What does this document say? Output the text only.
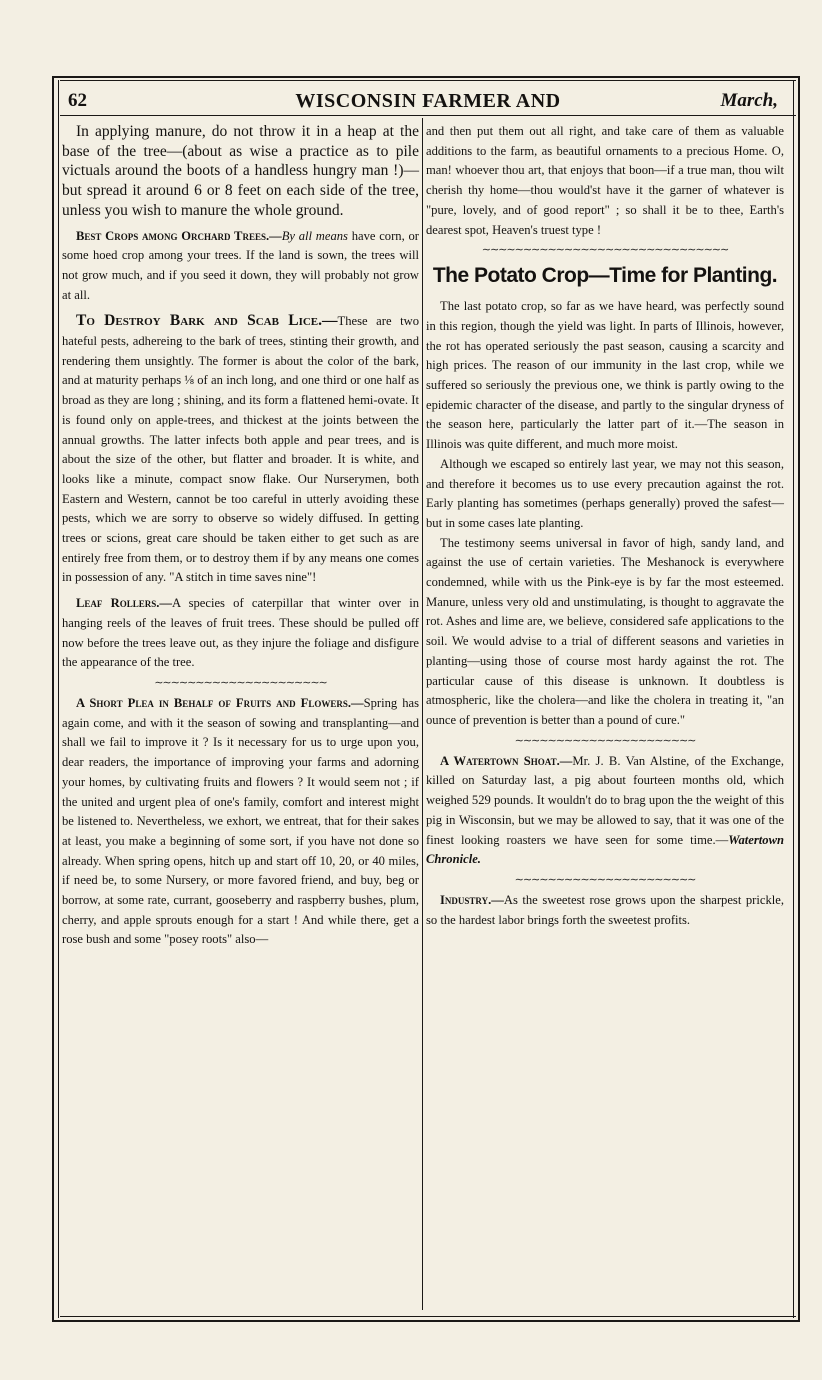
62	WISCONSIN FARMER AND	March,

In applying manure, do not throw it in a heap at the base of the tree—(about as wise a practice as to pile victuals around the boots of a handless hungry man !)—but spread it around 6 or 8 feet on each side of the tree, unless you wish to manure the whole ground.

Best Crops among Orchard Trees.—By all means have corn, or some hoed crop among your trees. If the land is sown, the trees will not grow much, and if you seed it down, they will probably not grow at all.

To Destroy Bark and Scab Lice.—These are two hateful pests, adhereing to the bark of trees, stinting their growth, and rendering them unsightly. The former is about the color of the bark, and at maturity perhaps ⅛ of an inch long, and one third or one half as broad as they are long ; shining, and its form a flattened hemi-ovate. It is found only on apple-trees, and thickest at the joints between the annual growths. The latter infects both apple and pear trees, and is about the size of the other, but flatter and broader. It is white, and looks like a minute, compact snow flake. Our Nurserymen, both Eastern and Western, cannot be too careful in utterly avoiding these pests, which we are sorry to observe so widely diffused. In getting trees or scions, great care should be taken either to get such as are entirely free from them, or to destroy them if by any means one comes in possession of any. "A stitch in time saves nine"!

Leaf Rollers.—A species of caterpillar that winter over in hanging reels of the leaves of fruit trees. These should be pulled off now before the trees leave out, as they injure the foliage and disfigure the appearance of the tree.

∼∼∼∼∼∼∼∼∼∼∼∼∼∼∼∼∼∼∼∼∼

A Short Plea in Behalf of Fruits and Flowers.—Spring has again come, and with it the season of sowing and transplanting—and shall we fail to improve it ? Is it necessary for us to urge upon you, dear readers, the importance of improving your farms and adorning your homes, by cultivating fruits and flowers ? It would seem not ; if the united and urgent plea of one's family, comfort and interest might be listened to. Nevertheless, we exhort, we entreat, that for their sakes at least, you make a beginning of some sort, if you have not done so already. When spring opens, hitch up and start off 10, 20, or 40 miles, if need be, to some Nursery, or more favored friend, and buy, beg or borrow, at some rate, currant, gooseberry and raspberry bushes, plum, cherry, and apple sprouts enough for a start ! And while there, get a rose bush and some "posey roots" also—

and then put them out all right, and take care of them as valuable additions to the farm, as beautiful ornaments to a precious Home. O, man! whoever thou art, that enjoys that boon—if a true man, thou wilt cherish thy home—thou would'st have it the garner of whatever is "pure, lovely, and of good report" ; so shall it be to thee, Earth's dearest spot, Heaven's truest type !

∼∼∼∼∼∼∼∼∼∼∼∼∼∼∼∼∼∼∼∼∼∼∼∼∼∼∼∼∼∼
The Potato Crop—Time for Planting.

The last potato crop, so far as we have heard, was perfectly sound in this region, though the yield was light. In parts of Illinois, however, the rot has operated seriously the past season, causing a scarcity and high prices. The reason of our immunity in the last crop, while we suffered so seriously the previous one, we think is partly owing to the epidemic character of the disease, and partly to the singular dryness of the season here, particularly the latter part of it.—The season in Illinois was quite different, and much more moist.

Although we escaped so entirely last year, we may not this season, and therefore it becomes us to use every precaution against the rot. Early planting has sometimes (perhaps generally) proved the safest—but in some cases late planting.

The testimony seems universal in favor of high, sandy land, and against the use of certain varieties. The Meshanock is everywhere condemned, while with us the Pink-eye is by far the most esteemed. Manure, unless very old and unstimulating, is thought to aggravate the rot. Ashes and lime are, we believe, considered safe applications to the soil. We would advise to a trial of different seasons and varieties in planting—using those of course most hardy against the rot. The particular cause of this disease is unknown. It doubtless is atmospheric, like the cholera—and like the cholera in treating it, "an ounce of prevention is better than a pound of cure."

∼∼∼∼∼∼∼∼∼∼∼∼∼∼∼∼∼∼∼∼∼∼

A Watertown Shoat.—Mr. J. B. Van Alstine, of the Exchange, killed on Saturday last, a pig about fourteen months old, which weighed 529 pounds. It wouldn't do to brag upon the the weight of this pig in Wisconsin, but we may be allowed to say, that it was one of the finest looking roasters we have seen for some time.—Watertown Chronicle.

∼∼∼∼∼∼∼∼∼∼∼∼∼∼∼∼∼∼∼∼∼∼

Industry.—As the sweetest rose grows upon the sharpest prickle, so the hardest labor brings forth the sweetest profits.
